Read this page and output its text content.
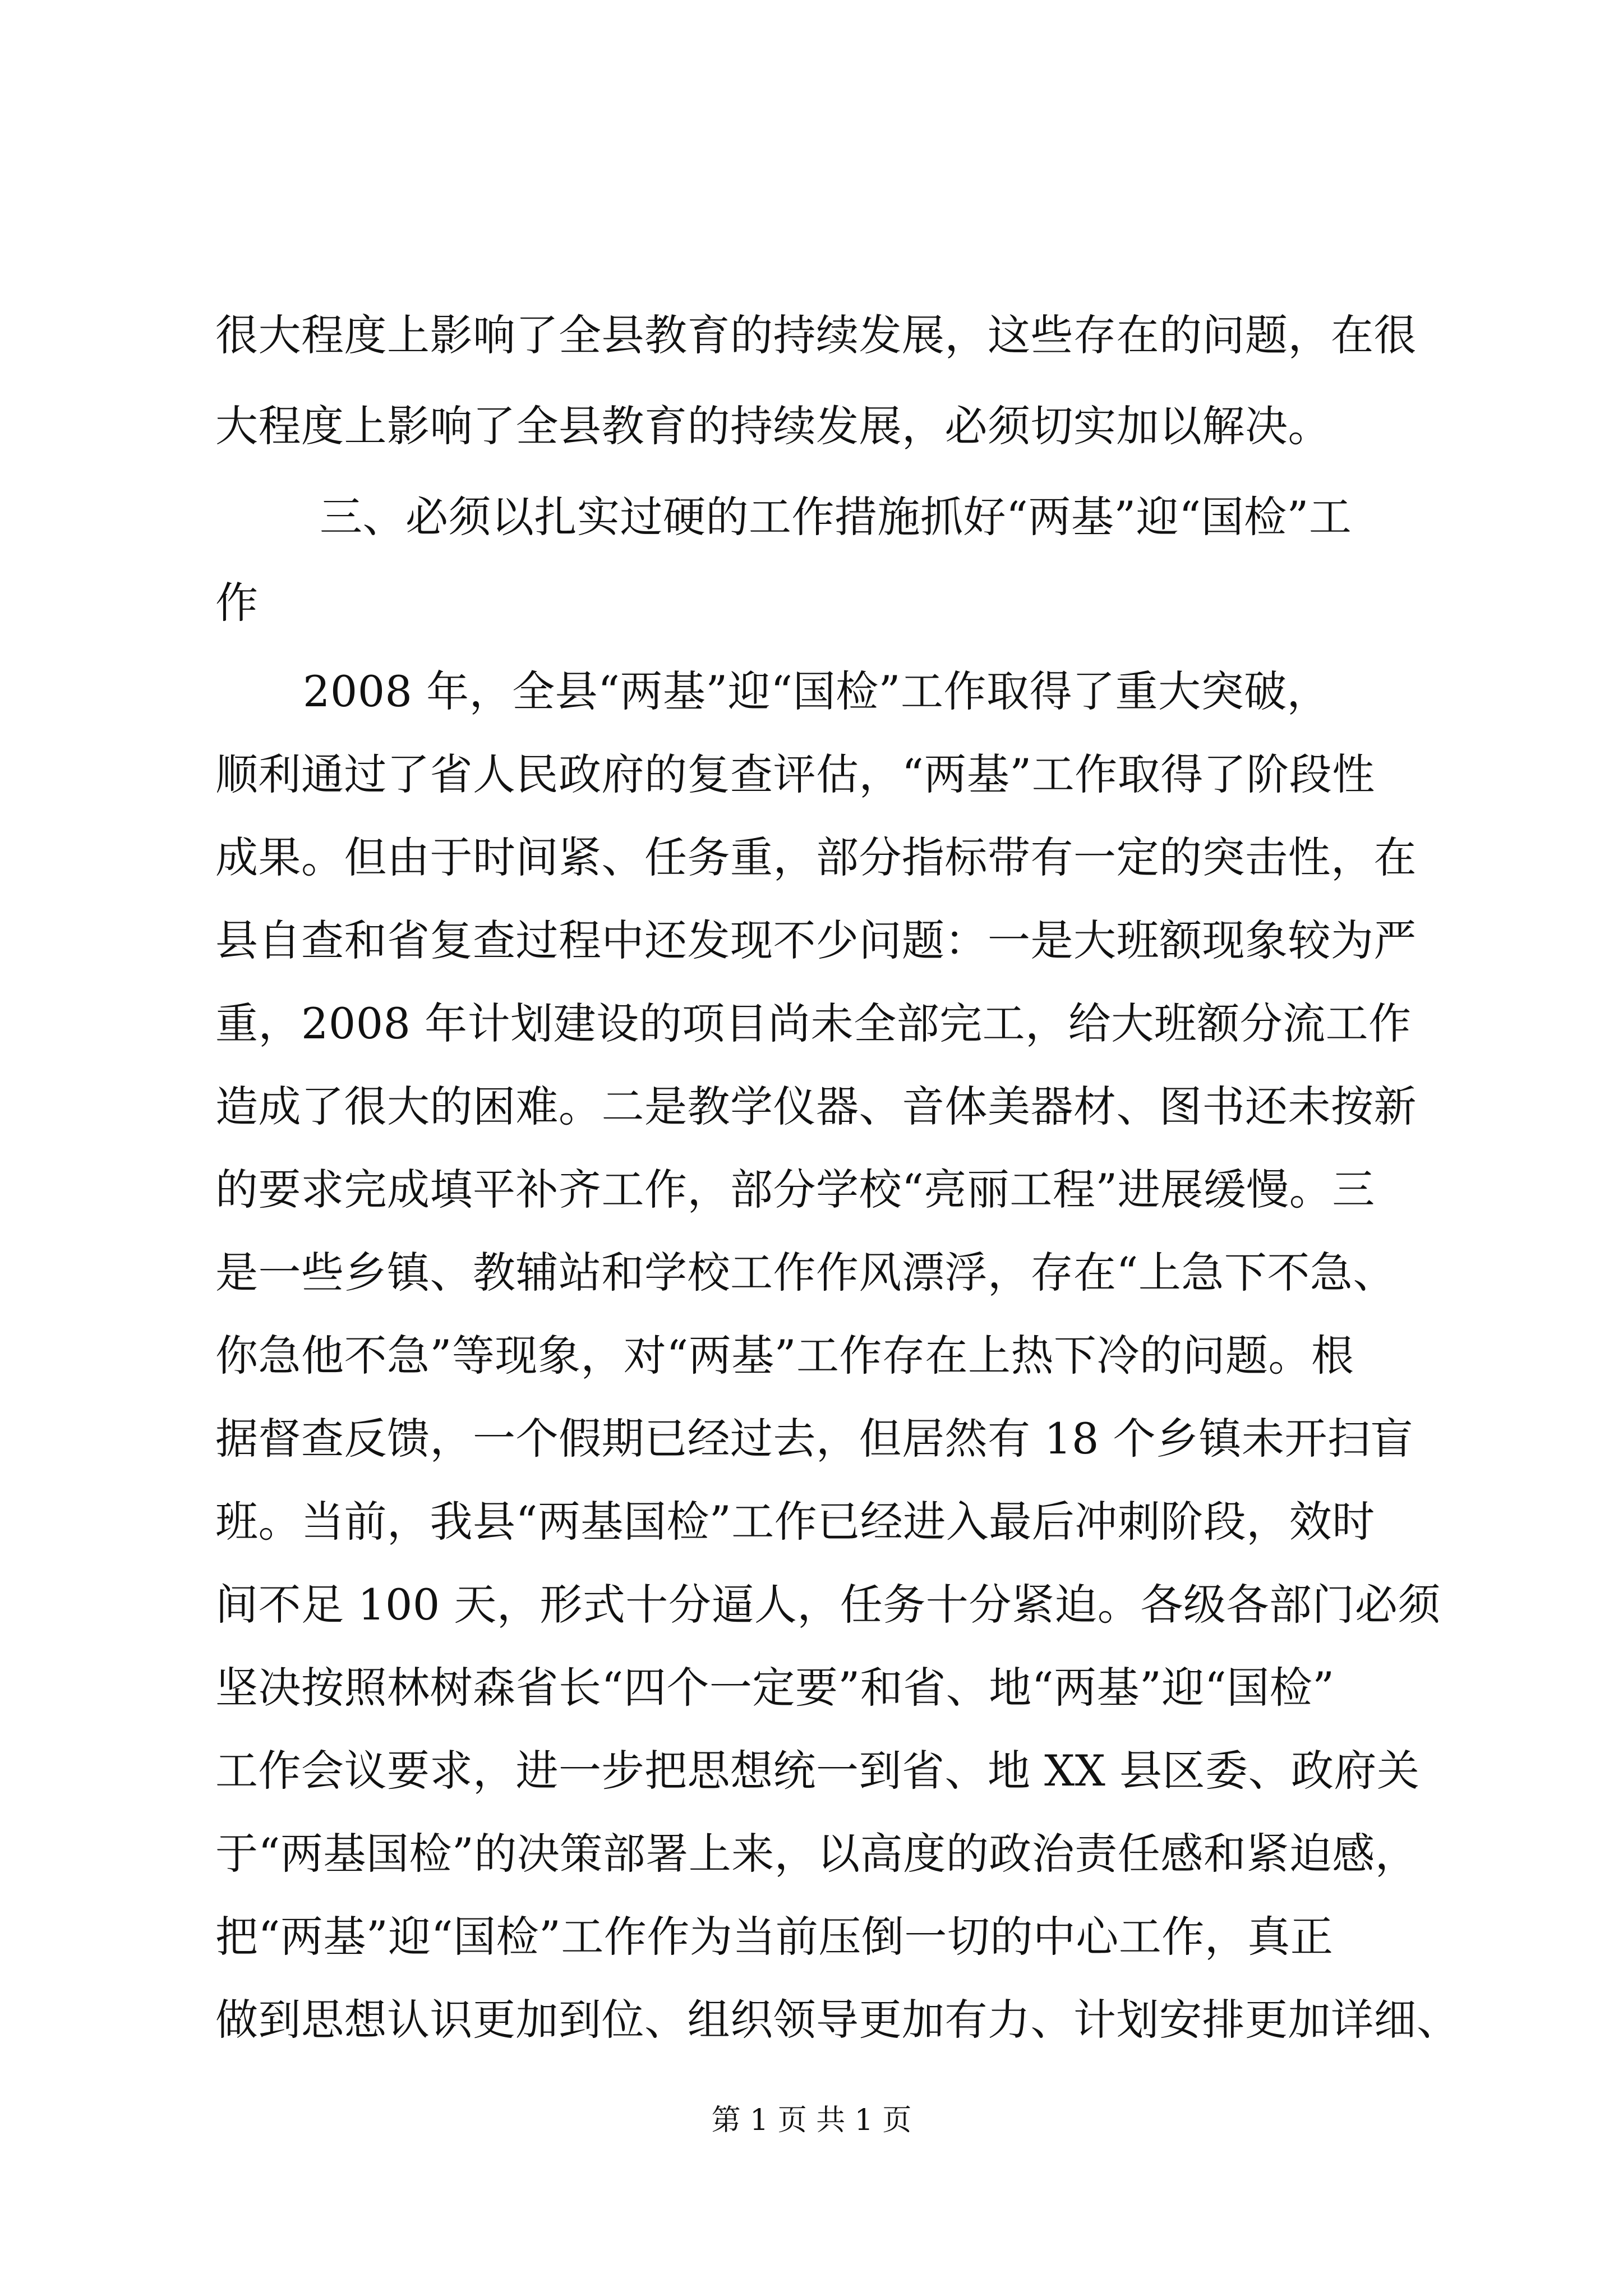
很大程度上影响了全县教育的持续发展，这些存在的问题，在很
大程度上影响了全县教育的持续发展，必须切实加以解决。
三、必须以扎实过硬的工作措施抓好“两基”迎“国检”工
作
2008 年，全县“两基”迎“国检”工作取得了重大突破，
顺利通过了省人民政府的复查评估，“两基”工作取得了阶段性
成果。但由于时间紧、任务重，部分指标带有一定的突击性，在
县自查和省复查过程中还发现不少问题：一是大班额现象较为严
重，2008 年计划建设的项目尚未全部完工，给大班额分流工作
造成了很大的困难。二是教学仪器、音体美器材、图书还未按新
的要求完成填平补齐工作，部分学校“亮丽工程”进展缓慢。三
是一些乡镇、教辅站和学校工作作风漂浮，存在“上急下不急、
你急他不急”等现象，对“两基”工作存在上热下冷的问题。根
据督查反馈，一个假期已经过去，但居然有 18 个乡镇未开扫盲
班。当前，我县“两基国检”工作已经进入最后冲刺阶段，效时
间不足 100 天，形式十分逼人，任务十分紧迫。各级各部门必须
坚决按照林树森省长“四个一定要”和省、地“两基”迎“国检”
工作会议要求，进一步把思想统一到省、地 XX 县区委、政府关
于“两基国检”的决策部署上来，以高度的政治责任感和紧迫感，
把“两基”迎“国检”工作作为当前压倒一切的中心工作，真正
做到思想认识更加到位、组织领导更加有力、计划安排更加详细、
第 1 页 共 1 页
